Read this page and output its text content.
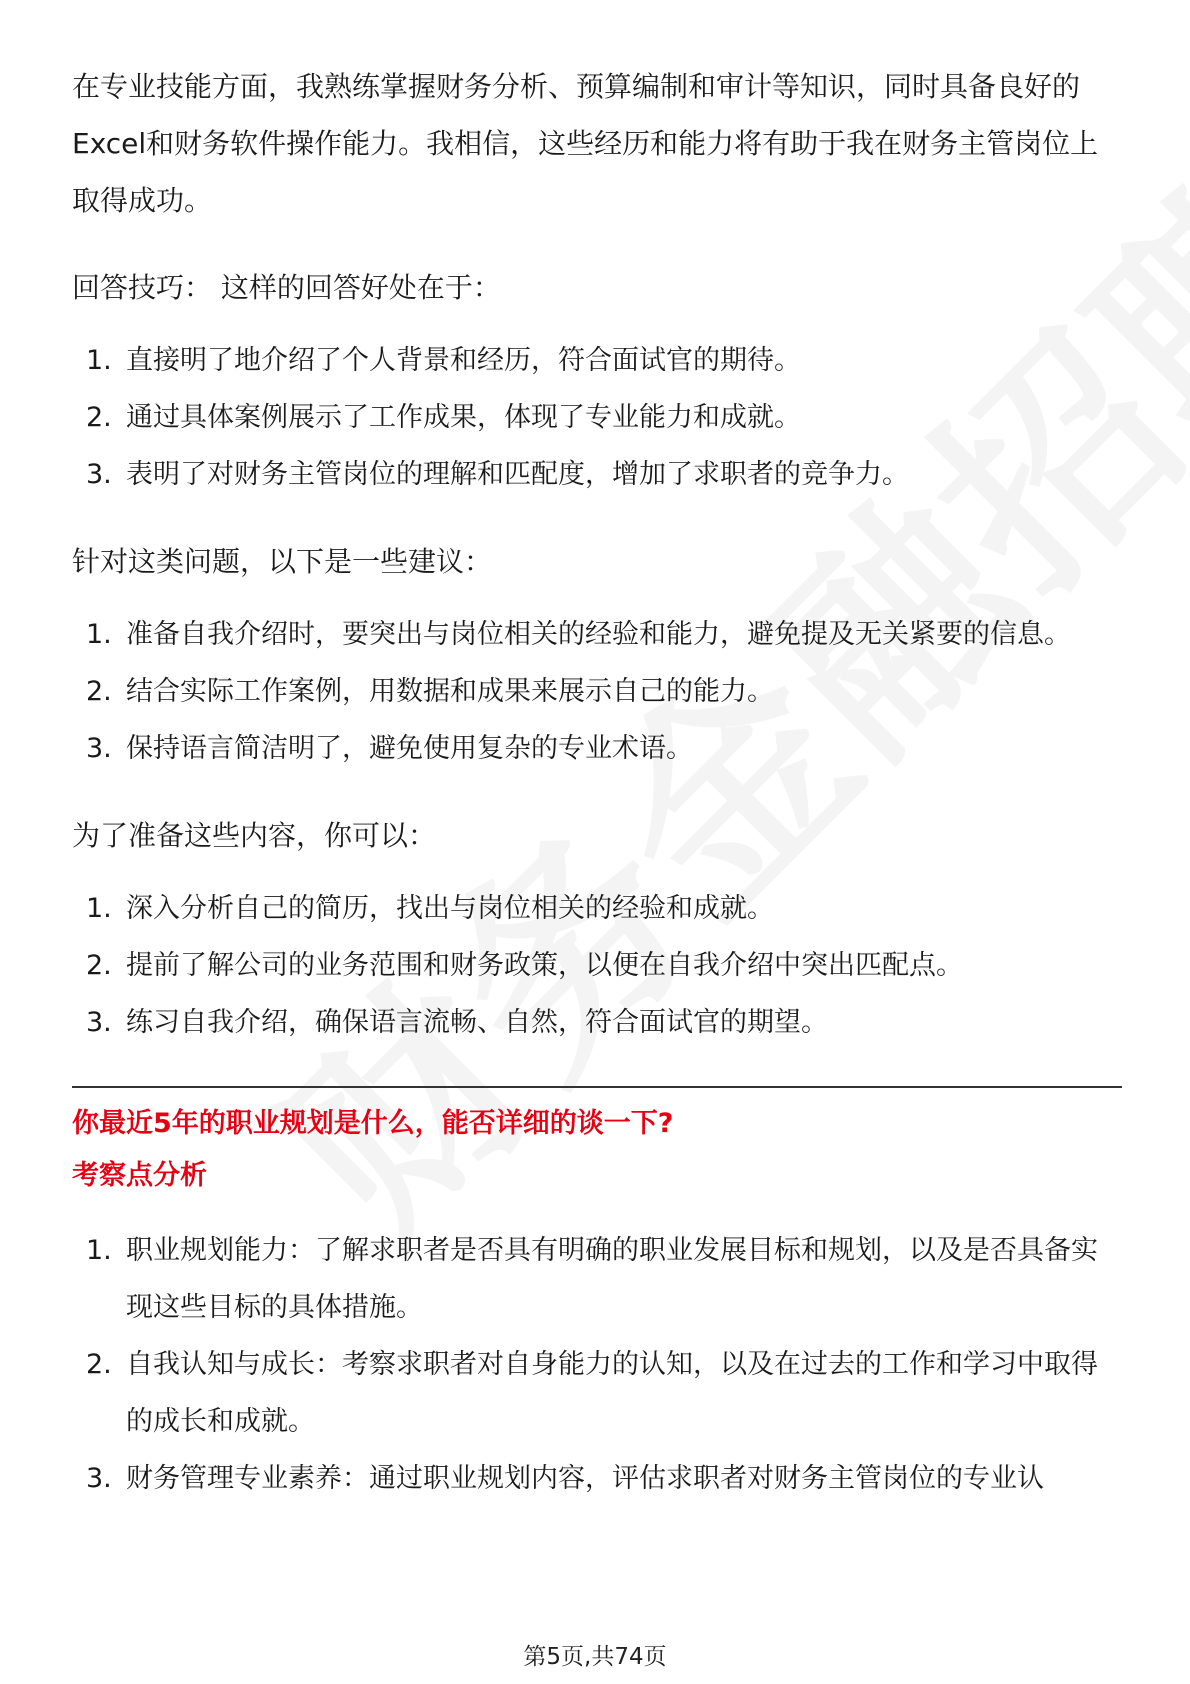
在专业技能方面，我熟练掌握财务分析、预算编制和审计等知识，同时具备良好的Excel和财务软件操作能力。我相信，这些经历和能力将有助于我在财务主管岗位上取得成功。

回答技巧： 这样的回答好处在于：

1. 直接明了地介绍了个人背景和经历，符合面试官的期待。
2. 通过具体案例展示了工作成果，体现了专业能力和成就。
3. 表明了对财务主管岗位的理解和匹配度，增加了求职者的竞争力。

针对这类问题，以下是一些建议：

1. 准备自我介绍时，要突出与岗位相关的经验和能力，避免提及无关紧要的信息。
2. 结合实际工作案例，用数据和成果来展示自己的能力。
3. 保持语言简洁明了，避免使用复杂的专业术语。

为了准备这些内容，你可以：

1. 深入分析自己的简历，找出与岗位相关的经验和成就。
2. 提前了解公司的业务范围和财务政策，以便在自我介绍中突出匹配点。
3. 练习自我介绍，确保语言流畅、自然，符合面试官的期望。
你最近5年的职业规划是什么，能否详细的谈一下?
考察点分析
1. 职业规划能力：了解求职者是否具有明确的职业发展目标和规划，以及是否具备实现这些目标的具体措施。
2. 自我认知与成长：考察求职者对自身能力的认知，以及在过去的工作和学习中取得的成长和成就。
3. 财务管理专业素养：通过职业规划内容，评估求职者对财务主管岗位的专业认
第5页,共74页
